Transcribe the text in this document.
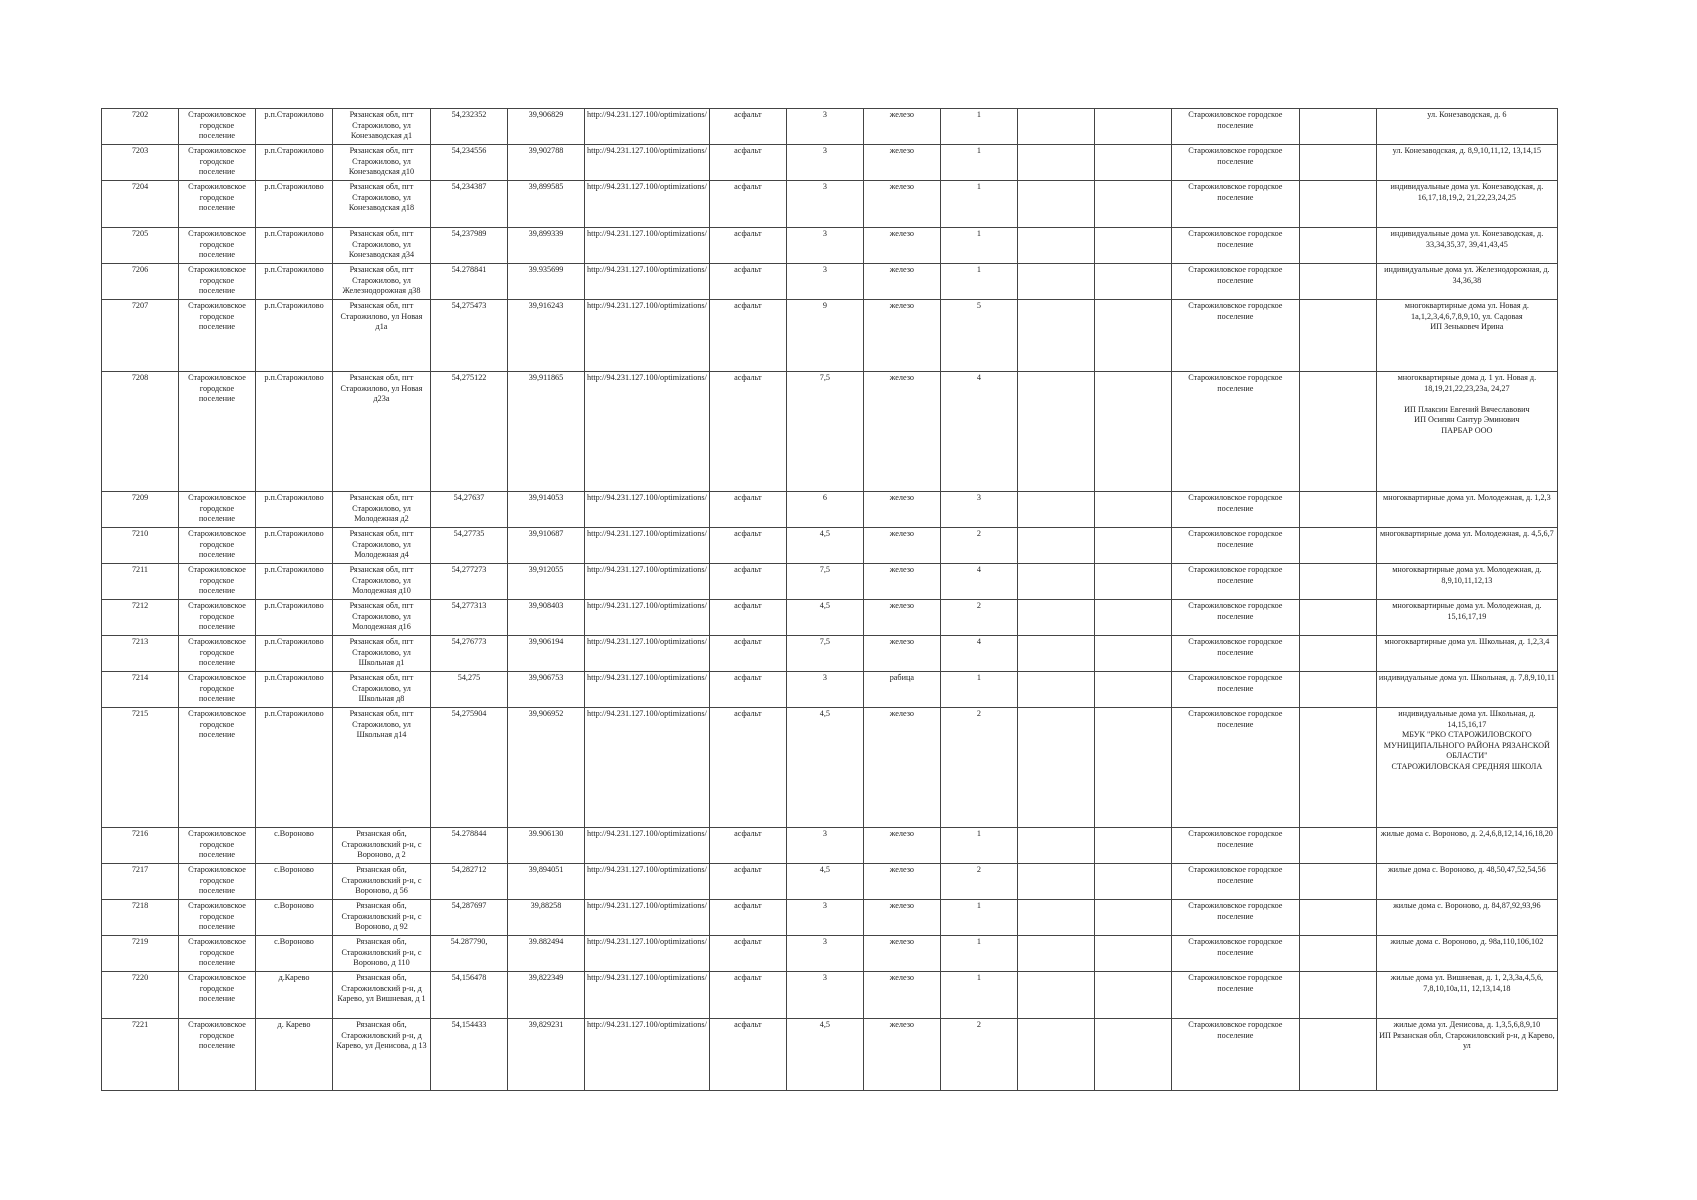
7202	Старожиловское городское поселение	р.п.Старожилово	Рязанская обл, пгт Старожилово, ул Конезаводская д1	54,232352	39,906829	http://94.231.127.100/optimizations/	асфальт	3	железо	1			Старожиловское городское поселение		ул. Конезаводская, д. 6
7203	Старожиловское городское поселение	р.п.Старожилово	Рязанская обл, пгт Старожилово, ул Конезаводская д10	54,234556	39,902788	http://94.231.127.100/optimizations/	асфальт	3	железо	1			Старожиловское городское поселение		ул. Конезаводская, д. 8,9,10,11,12, 13,14,15
7204	Старожиловское городское поселение	р.п.Старожилово	Рязанская обл, пгт Старожилово, ул Конезаводская д18	54,234387	39,899585	http://94.231.127.100/optimizations/	асфальт	3	железо	1			Старожиловское городское поселение		индивидуальные дома ул. Конезаводская, д. 16,17,18,19,2, 21,22,23,24,25
7205	Старожиловское городское поселение	р.п.Старожилово	Рязанская обл, пгт Старожилово, ул Конезаводская д34	54,237989	39,899339	http://94.231.127.100/optimizations/	асфальт	3	железо	1			Старожиловское городское поселение		индивидуальные дома ул. Конезаводская, д. 33,34,35,37, 39,41,43,45
7206	Старожиловское городское поселение	р.п.Старожилово	Рязанская обл, пгт Старожилово, ул Железнодорожная д38	54.278841	39.935699	http://94.231.127.100/optimizations/	асфальт	3	железо	1			Старожиловское городское поселение		индивидуальные дома ул. Железнодорожная, д. 34,36,38
7207	Старожиловское городское поселение	р.п.Старожилово	Рязанская обл, пгт Старожилово, ул Новая д1а	54,275473	39,916243	http://94.231.127.100/optimizations/	асфальт	9	железо	5			Старожиловское городское поселение		многоквартирные дома ул. Новая д. 1а,1,2,3,4,6,7,8,9,10, ул. Садовая
ИП Зеньковеч Ирина
7208	Старожиловское городское поселение	р.п.Старожилово	Рязанская обл, пгт Старожилово, ул Новая д23а	54,275122	39,911865	http://94.231.127.100/optimizations/	асфальт	7,5	железо	4			Старожиловское городское поселение		многоквартирные дома д. 1 ул. Новая д. 18,19,21,22,23,23а, 24,27

ИП Плаксин Евгений Вячеславович
ИП Осипян Сантур Эминович
ПАРБАР ООО
7209	Старожиловское городское поселение	р.п.Старожилово	Рязанская обл, пгт Старожилово, ул Молодежная д2	54,27637	39,914053	http://94.231.127.100/optimizations/	асфальт	6	железо	3			Старожиловское городское поселение		многоквартирные дома ул. Молодежная, д. 1,2,3
7210	Старожиловское городское поселение	р.п.Старожилово	Рязанская обл, пгт Старожилово, ул Молодежная д4	54,27735	39,910687	http://94.231.127.100/optimizations/	асфальт	4,5	железо	2			Старожиловское городское поселение		многоквартирные дома ул. Молодежная, д. 4,5,6,7
7211	Старожиловское городское поселение	р.п.Старожилово	Рязанская обл, пгт Старожилово, ул Молодежная д10	54,277273	39,912055	http://94.231.127.100/optimizations/	асфальт	7,5	железо	4			Старожиловское городское поселение		многоквартирные дома ул. Молодежная, д. 8,9,10,11,12,13
7212	Старожиловское городское поселение	р.п.Старожилово	Рязанская обл, пгт Старожилово, ул Молодежная д16	54,277313	39,908403	http://94.231.127.100/optimizations/	асфальт	4,5	железо	2			Старожиловское городское поселение		многоквартирные дома ул. Молодежная, д. 15,16,17,19
7213	Старожиловское городское поселение	р.п.Старожилово	Рязанская обл, пгт Старожилово, ул Школьная д1	54,276773	39,906194	http://94.231.127.100/optimizations/	асфальт	7,5	железо	4			Старожиловское городское поселение		многоквартирные дома ул. Школьная, д. 1,2,3,4
7214	Старожиловское городское поселение	р.п.Старожилово	Рязанская обл, пгт Старожилово, ул Школьная д8	54,275	39,906753	http://94.231.127.100/optimizations/	асфальт	3	рабица	1			Старожиловское городское поселение		индивидуальные дома ул. Школьная, д. 7,8,9,10,11
7215	Старожиловское городское поселение	р.п.Старожилово	Рязанская обл, пгт Старожилово, ул Школьная д14	54,275904	39,906952	http://94.231.127.100/optimizations/	асфальт	4,5	железо	2			Старожиловское городское поселение		индивидуальные дома ул. Школьная, д. 14,15,16,17
МБУК "РКО СТАРОЖИЛОВСКОГО МУНИЦИПАЛЬНОГО РАЙОНА РЯЗАНСКОЙ ОБЛАСТИ"
СТАРОЖИЛОВСКАЯ СРЕДНЯЯ ШКОЛА
7216	Старожиловское городское поселение	с.Вороново	Рязанская обл, Старожиловский р-н, с Вороново, д 2	54.278844	39.906130	http://94.231.127.100/optimizations/	асфальт	3	железо	1			Старожиловское городское поселение		жилые дома с. Вороново, д. 2,4,6,8,12,14,16,18,20
7217	Старожиловское городское поселение	с.Вороново	Рязанская обл, Старожиловский р-н, с Вороново, д 56	54,282712	39,894051	http://94.231.127.100/optimizations/	асфальт	4,5	железо	2			Старожиловское городское поселение		жилые дома с. Вороново, д. 48,50,47,52,54,56
7218	Старожиловское городское поселение	с.Вороново	Рязанская обл, Старожиловский р-н, с Вороново, д 92	54,287697	39,88258	http://94.231.127.100/optimizations/	асфальт	3	железо	1			Старожиловское городское поселение		жилые дома с. Вороново, д. 84,87,92,93,96
7219	Старожиловское городское поселение	с.Вороново	Рязанская обл, Старожиловский р-н, с Вороново, д 110	54.287790,	39.882494	http://94.231.127.100/optimizations/	асфальт	3	железо	1			Старожиловское городское поселение		жилые дома с. Вороново, д. 98а,110,106,102
7220	Старожиловское городское поселение	д.Карево	Рязанская обл, Старожиловский р-н, д Карево, ул Вишневая, д 1	54,156478	39,822349	http://94.231.127.100/optimizations/	асфальт	3	железо	1			Старожиловское городское поселение		жилые дома ул. Вишневая, д. 1, 2,3,3а,4,5,6, 7,8,10,10а,11, 12,13,14,18
7221	Старожиловское городское поселение	д. Карево	Рязанская обл, Старожиловский р-н, д Карево, ул Денисова, д 13	54,154433	39,829231	http://94.231.127.100/optimizations/	асфальт	4,5	железо	2			Старожиловское городское поселение		жилые дома ул. Денисова, д. 1,3,5,6,8,9,10
ИП Рязанская обл, Старожиловский р-н, д Карево, ул
